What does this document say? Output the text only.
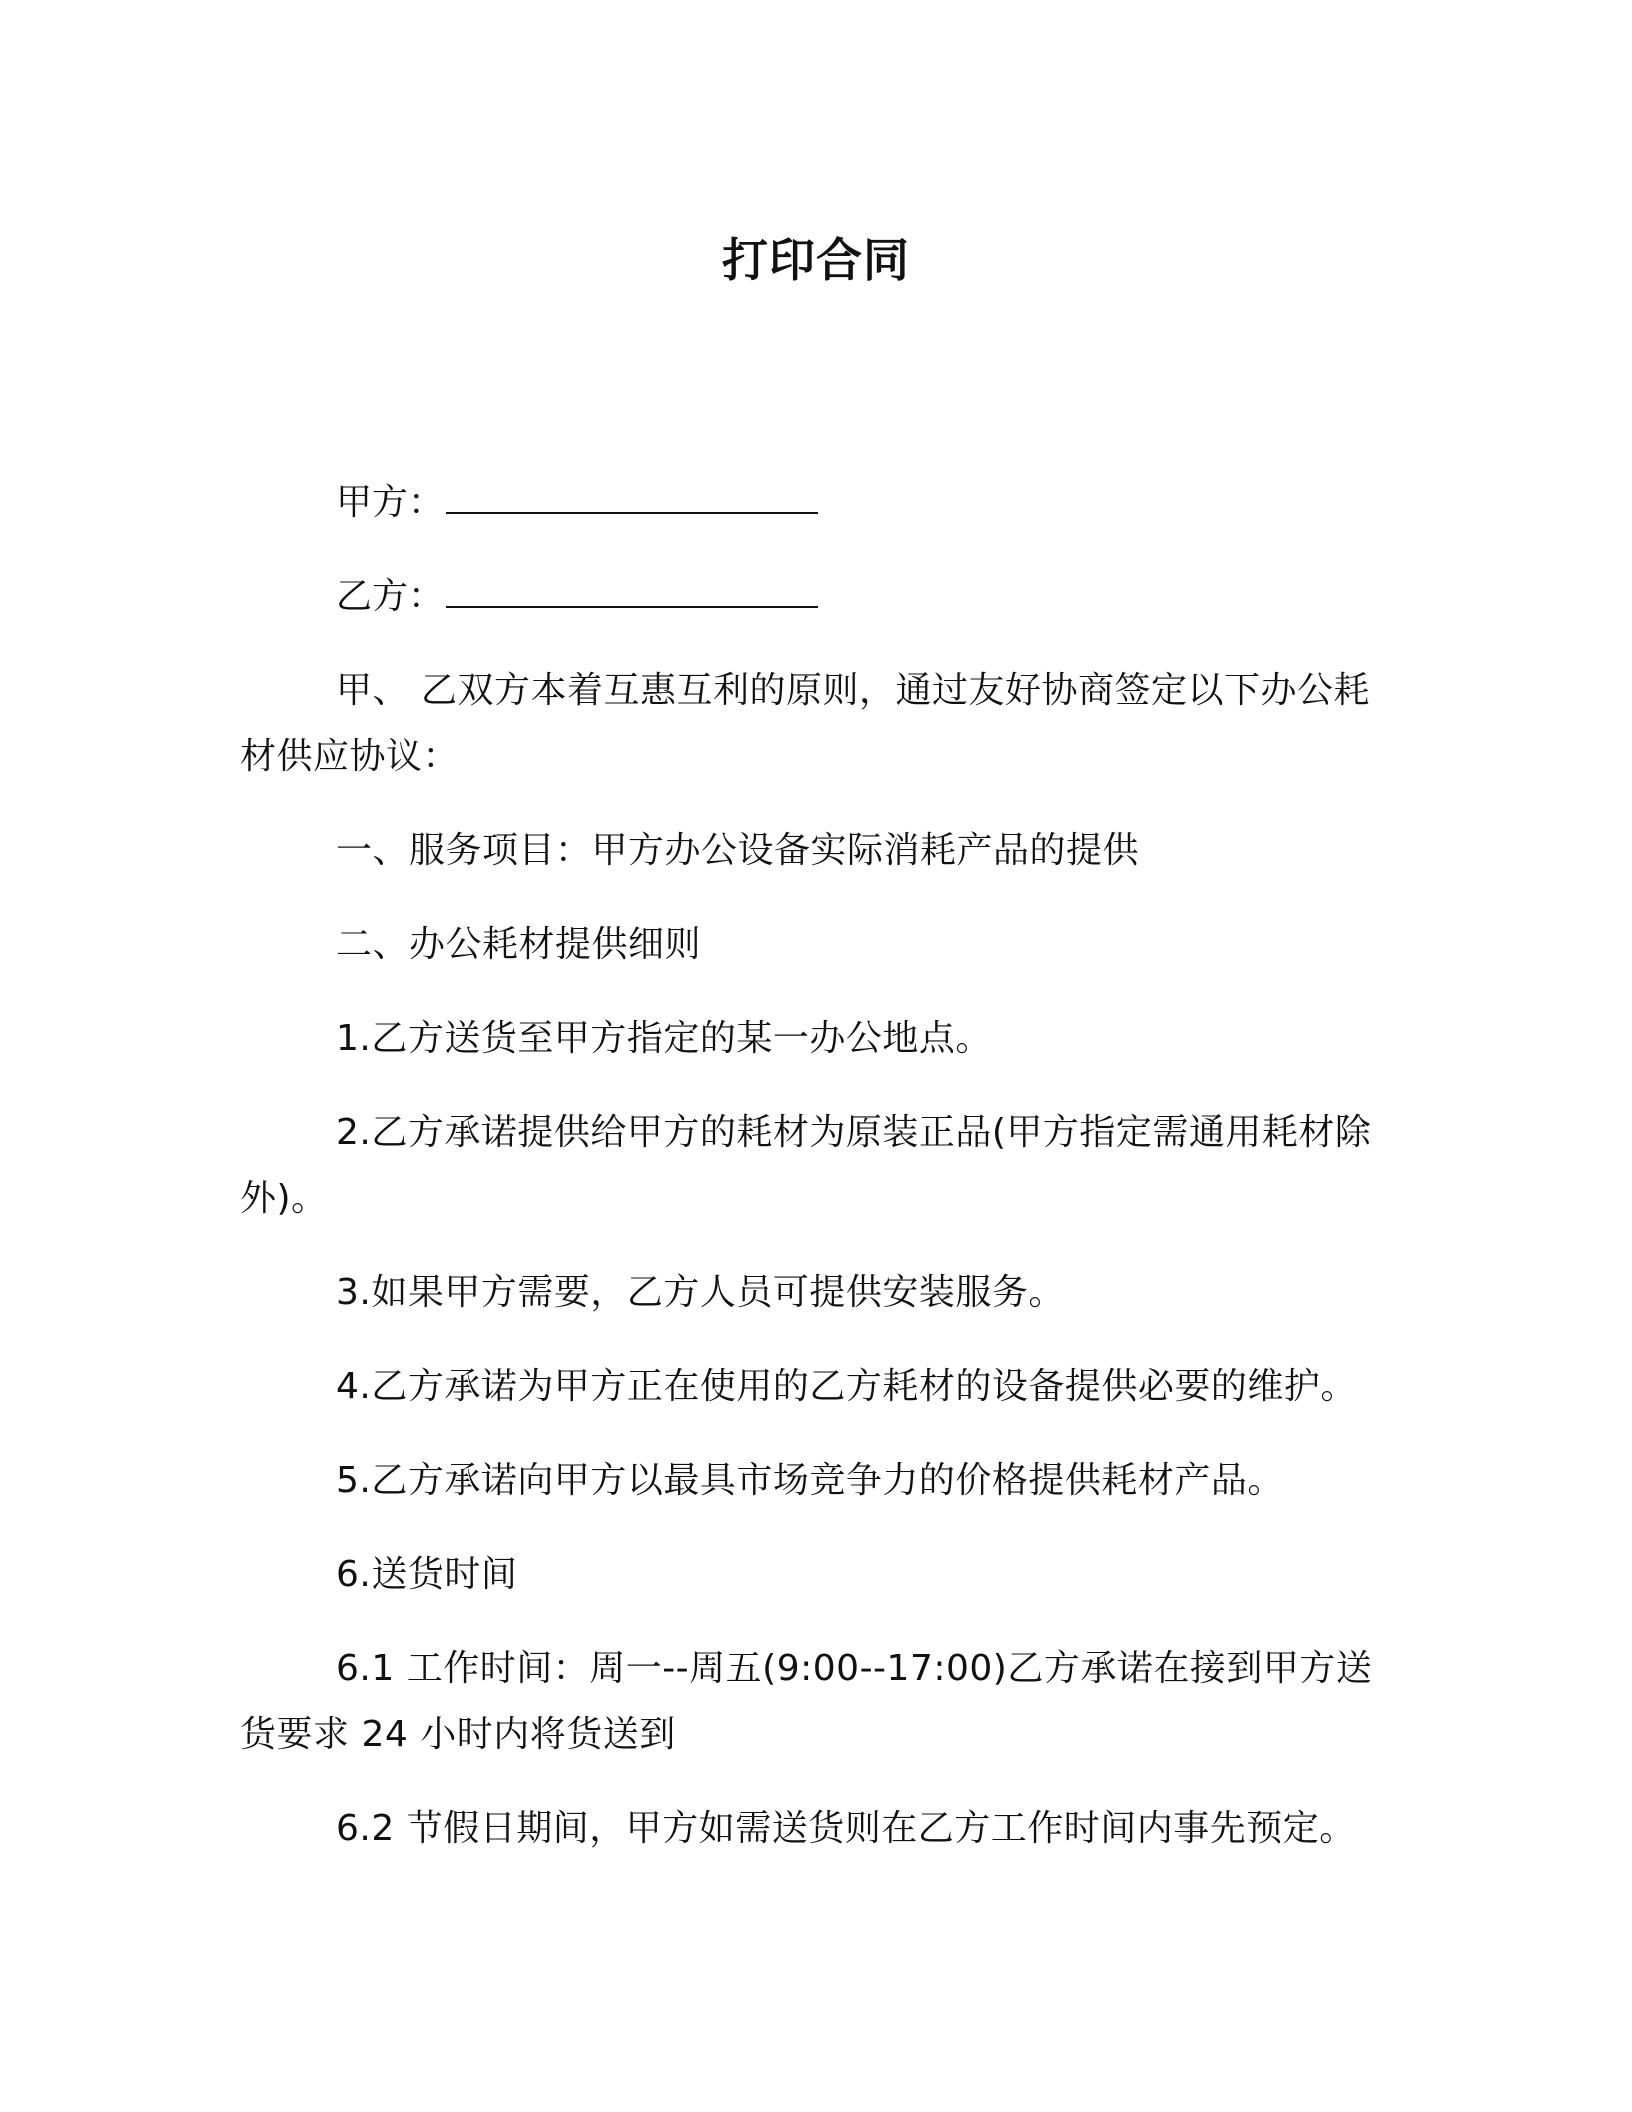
打印合同
甲方：
乙方：

甲、 乙双方本着互惠互利的原则，通过友好协商签定以下办公耗材供应协议：

一、服务项目：甲方办公设备实际消耗产品的提供

二、办公耗材提供细则

1.乙方送货至甲方指定的某一办公地点。

2.乙方承诺提供给甲方的耗材为原装正品(甲方指定需通用耗材除外)。

3.如果甲方需要，乙方人员可提供安装服务。

4.乙方承诺为甲方正在使用的乙方耗材的设备提供必要的维护。

5.乙方承诺向甲方以最具市场竞争力的价格提供耗材产品。

6.送货时间

6.1 工作时间：周一--周五(9:00--17:00)乙方承诺在接到甲方送货要求 24 小时内将货送到

6.2 节假日期间，甲方如需送货则在乙方工作时间内事先预定。
